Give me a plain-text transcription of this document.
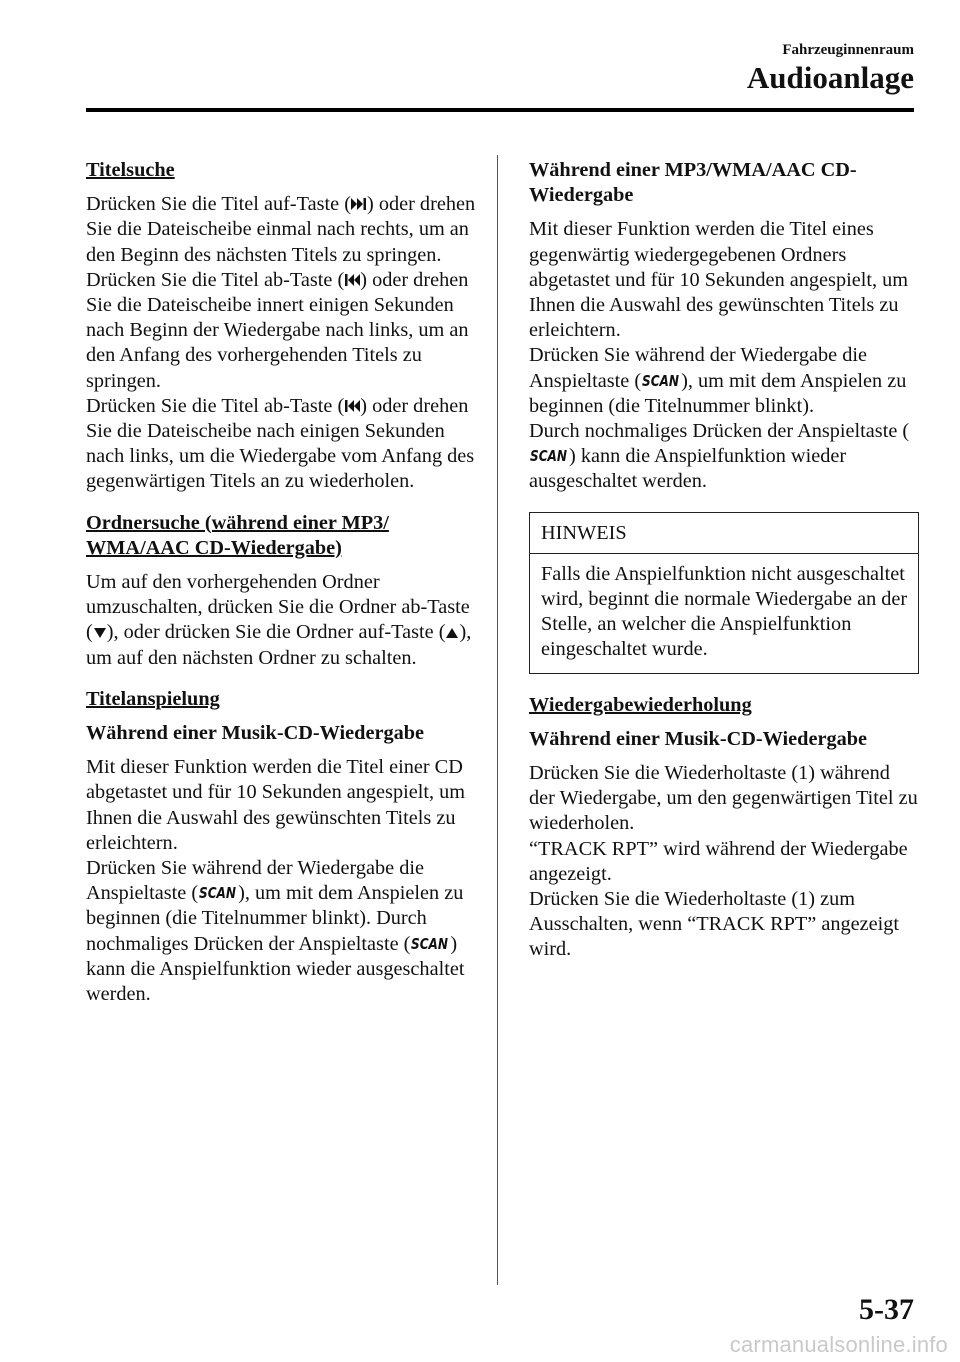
Fahrzeuginnenraum
Audioanlage
Titelsuche

Drücken Sie die Titel auf-Taste ( ) oder drehen Sie die Dateischeibe einmal nach rechts, um an den Beginn des nächsten Titels zu springen.
Drücken Sie die Titel ab-Taste ( ) oder drehen Sie die Dateischeibe innert einigen Sekunden nach Beginn der Wiedergabe nach links, um an den Anfang des vorhergehenden Titels zu springen.
Drücken Sie die Titel ab-Taste ( ) oder drehen Sie die Dateischeibe nach einigen Sekunden nach links, um die Wiedergabe vom Anfang des gegenwärtigen Titels an zu wiederholen.

Ordnersuche (während einer MP3/ WMA/AAC CD-Wiedergabe)

Um auf den vorhergehenden Ordner umzuschalten, drücken Sie die Ordner ab-Taste ( ), oder drücken Sie die Ordner auf-Taste ( ), um auf den nächsten Ordner zu schalten.

Titelanspielung
Während einer Musik-CD-Wiedergabe

Mit dieser Funktion werden die Titel einer CD abgetastet und für 10 Sekunden angespielt, um Ihnen die Auswahl des gewünschten Titels zu erleichtern.
Drücken Sie während der Wiedergabe die Anspieltaste ( SCAN ), um mit dem Anspielen zu beginnen (die Titelnummer blinkt). Durch nochmaliges Drücken der Anspieltaste ( SCAN ) kann die Anspielfunktion wieder ausgeschaltet werden.

Während einer MP3/WMA/AAC CD-Wiedergabe

Mit dieser Funktion werden die Titel eines gegenwärtig wiedergegebenen Ordners abgetastet und für 10 Sekunden angespielt, um Ihnen die Auswahl des gewünschten Titels zu erleichtern.
Drücken Sie während der Wiedergabe die Anspieltaste ( SCAN ), um mit dem Anspielen zu beginnen (die Titelnummer blinkt).
Durch nochmaliges Drücken der Anspieltaste (
SCAN ) kann die Anspielfunktion wieder ausgeschaltet werden.

HINWEIS
Falls die Anspielfunktion nicht ausgeschaltet wird, beginnt die normale Wiedergabe an der Stelle, an welcher die Anspielfunktion eingeschaltet wurde.
Wiedergabewiederholung
Während einer Musik-CD-Wiedergabe

Drücken Sie die Wiederholtaste (1) während der Wiedergabe, um den gegenwärtigen Titel zu wiederholen.
“TRACK RPT” wird während der Wiedergabe angezeigt.
Drücken Sie die Wiederholtaste (1) zum Ausschalten, wenn “TRACK RPT” angezeigt wird.

5-37
carmanualsonline.info
